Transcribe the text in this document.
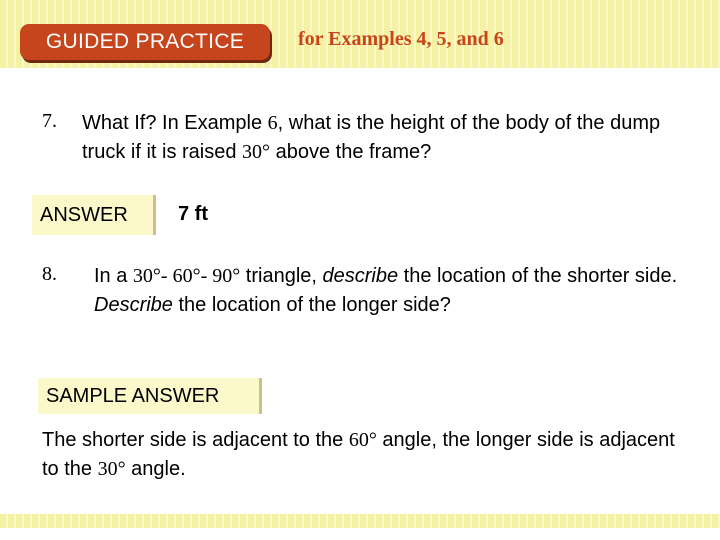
GUIDED PRACTICE	for Examples 4, 5, and 6
7. What If? In Example 6, what is the height of the body of the dump truck if it is raised 30° above the frame?
ANSWER	7 ft
8. In a 30°- 60°- 90° triangle, describe the location of the shorter side. Describe the location of the longer side?
SAMPLE ANSWER
The shorter side is adjacent to the 60° angle, the longer side is adjacent to the 30° angle.
